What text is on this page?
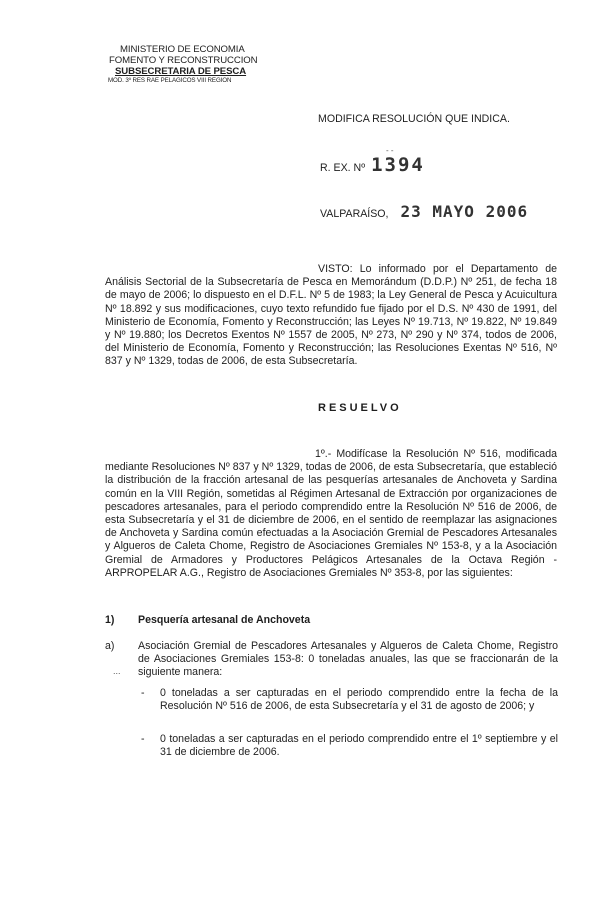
MINISTERIO DE ECONOMIA
FOMENTO Y RECONSTRUCCION
SUBSECRETARIA DE PESCA
MOD. 3º RES RAE PELAGICOS VIII REGION
MODIFICA RESOLUCIÓN QUE INDICA.
- -
R. EX. Nº 1394
VALPARAÍSO, 23 MAYO 2006
VISTO: Lo informado por el Departamento de Análisis Sectorial de la Subsecretaría de Pesca en Memorándum (D.D.P.) Nº 251, de fecha 18 de mayo de 2006; lo dispuesto en el D.F.L. Nº 5 de 1983; la Ley General de Pesca y Acuicultura Nº 18.892 y sus modificaciones, cuyo texto refundido fue fijado por el D.S. Nº 430 de 1991, del Ministerio de Economía, Fomento y Reconstrucción; las Leyes Nº 19.713, Nº 19.822, Nº 19.849 y Nº 19.880; los Decretos Exentos Nº 1557 de 2005, Nº 273, Nº 290 y Nº 374, todos de 2006, del Ministerio de Economía, Fomento y Reconstrucción; las Resoluciones Exentas Nº 516, Nº 837 y Nº 1329, todas de 2006, de esta Subsecretaría.
RESUELVO
1º.- Modifícase la Resolución Nº 516, modificada mediante Resoluciones Nº 837 y Nº 1329, todas de 2006, de esta Subsecretaría, que estableció la distribución de la fracción artesanal de las pesquerías artesanales de Anchoveta y Sardina común en la VIII Región, sometidas al Régimen Artesanal de Extracción por organizaciones de pescadores artesanales, para el periodo comprendido entre la Resolución Nº 516 de 2006, de esta Subsecretaría y el 31 de diciembre de 2006, en el sentido de reemplazar las asignaciones de Anchoveta y Sardina común efectuadas a la Asociación Gremial de Pescadores Artesanales y Algueros de Caleta Chome, Registro de Asociaciones Gremiales Nº 153-8, y a la Asociación Gremial de Armadores y Productores Pelágicos Artesanales de la Octava Región - ARPROPELAR A.G., Registro de Asociaciones Gremiales Nº 353-8, por las siguientes:
1)	Pesquería artesanal de Anchoveta
a) Asociación Gremial de Pescadores Artesanales y Algueros de Caleta Chome, Registro de Asociaciones Gremiales 153-8: 0 toneladas anuales, las que se fraccionarán de la siguiente manera:
...
- 0 toneladas a ser capturadas en el periodo comprendido entre la fecha de la Resolución Nº 516 de 2006, de esta Subsecretaría y el 31 de agosto de 2006; y
- 0 toneladas a ser capturadas en el periodo comprendido entre el 1º septiembre y el 31 de diciembre de 2006.
